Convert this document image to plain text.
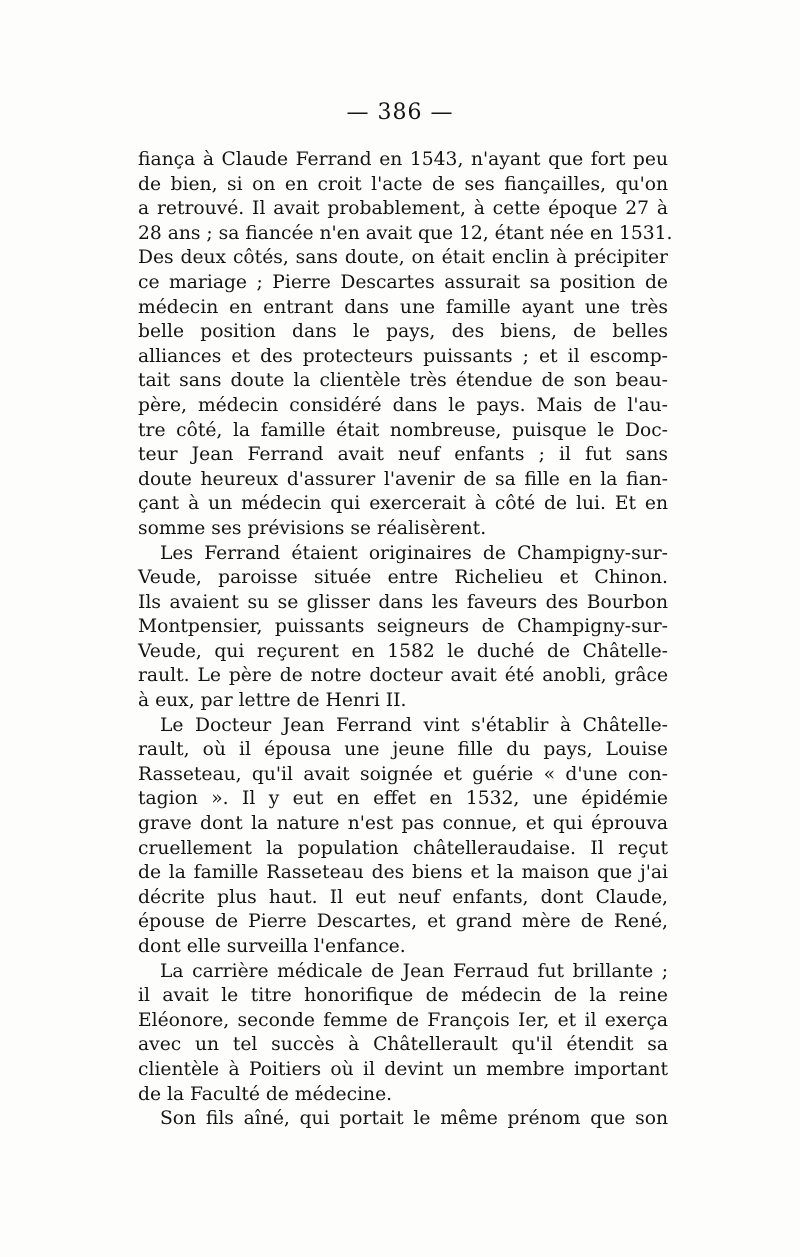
— 386 —
fiança à Claude Ferrand en 1543, n'ayant que fort peu
de bien, si on en croit l'acte de ses fiançailles, qu'on
a retrouvé. Il avait probablement, à cette époque 27 à
28 ans ; sa fiancée n'en avait que 12, étant née en 1531.
Des deux côtés, sans doute, on était enclin à précipiter
ce mariage ; Pierre Descartes assurait sa position de
médecin en entrant dans une famille ayant une très
belle position dans le pays, des biens, de belles
alliances et des protecteurs puissants ; et il escomp-
tait sans doute la clientèle très étendue de son beau-
père, médecin considéré dans le pays. Mais de l'au-
tre côté, la famille était nombreuse, puisque le Doc-
teur Jean Ferrand avait neuf enfants ; il fut sans
doute heureux d'assurer l'avenir de sa fille en la fian-
çant à un médecin qui exercerait à côté de lui. Et en
somme ses prévisions se réalisèrent.
Les Ferrand étaient originaires de Champigny-sur-
Veude, paroisse située entre Richelieu et Chinon.
Ils avaient su se glisser dans les faveurs des Bourbon
Montpensier, puissants seigneurs de Champigny-sur-
Veude, qui reçurent en 1582 le duché de Châtelle-
rault. Le père de notre docteur avait été anobli, grâce
à eux, par lettre de Henri II.
Le Docteur Jean Ferrand vint s'établir à Châtelle-
rault, où il épousa une jeune fille du pays, Louise
Rasseteau, qu'il avait soignée et guérie « d'une con-
tagion ». Il y eut en effet en 1532, une épidémie
grave dont la nature n'est pas connue, et qui éprouva
cruellement la population châtelleraudaise. Il reçut
de la famille Rasseteau des biens et la maison que j'ai
décrite plus haut. Il eut neuf enfants, dont Claude,
épouse de Pierre Descartes, et grand mère de René,
dont elle surveilla l'enfance.
La carrière médicale de Jean Ferraud fut brillante ;
il avait le titre honorifique de médecin de la reine
Eléonore, seconde femme de François Ier, et il exerça
avec un tel succès à Châtellerault qu'il étendit sa
clientèle à Poitiers où il devint un membre important
de la Faculté de médecine.
Son fils aîné, qui portait le même prénom que son
